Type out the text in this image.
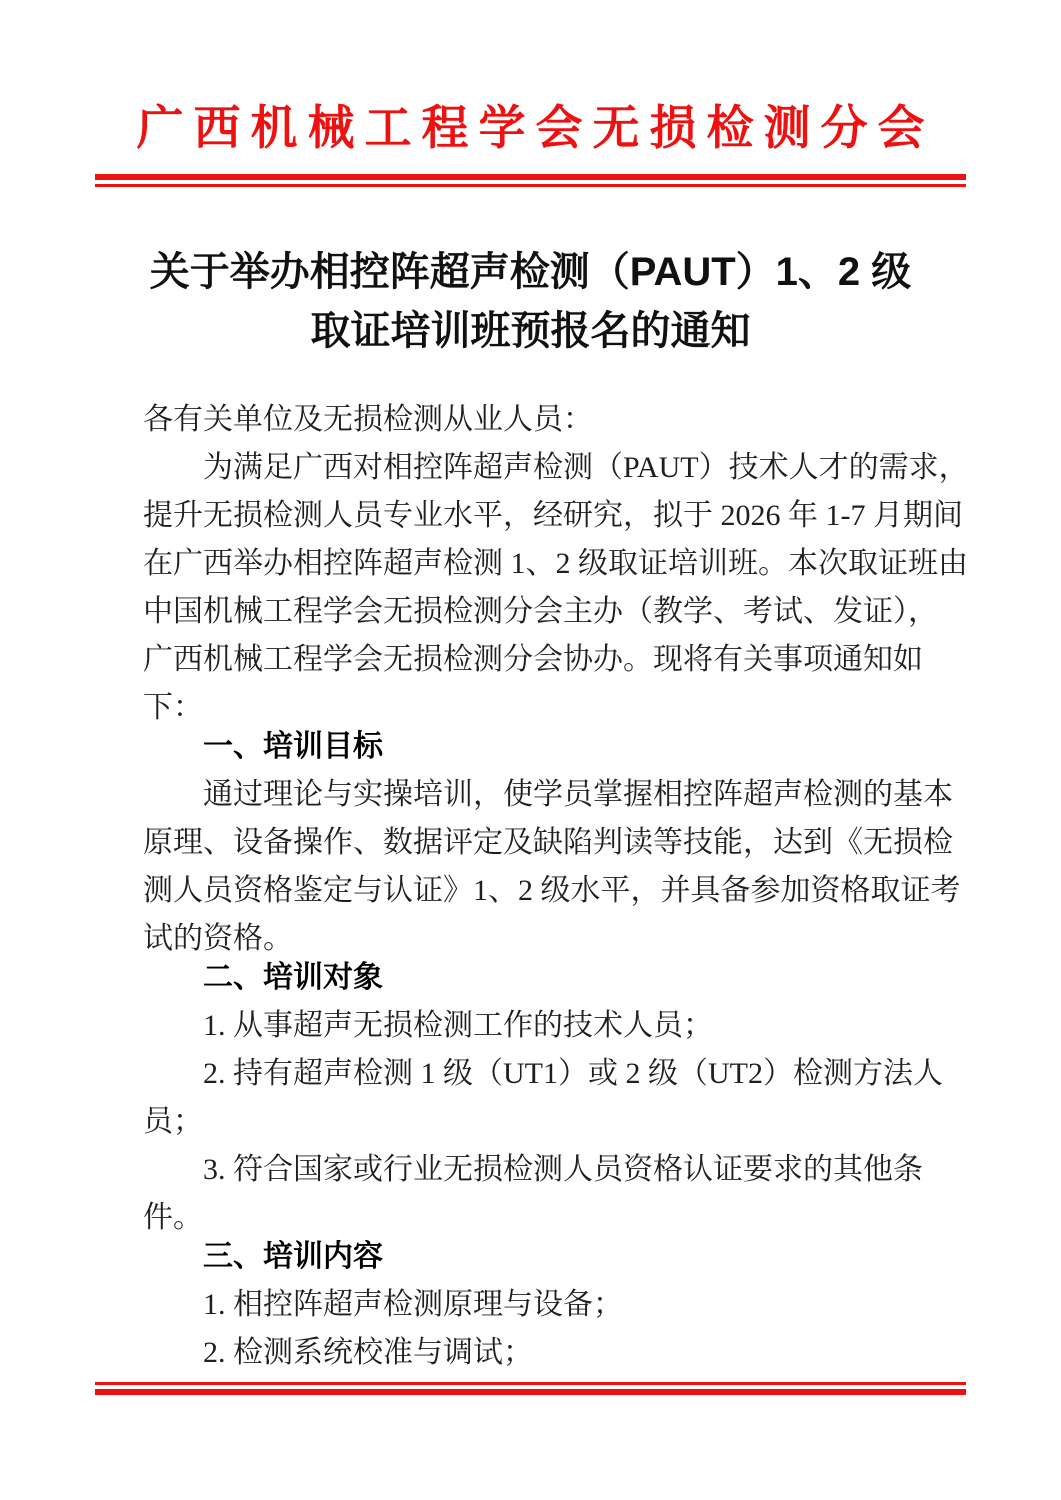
广西机械工程学会无损检测分会
关于举办相控阵超声检测（PAUT）1、2 级
取证培训班预报名的通知
各有关单位及无损检测从业人员：
为满足广西对相控阵超声检测（PAUT）技术人才的需求，
提升无损检测人员专业水平，经研究，拟于 2026 年 1-7 月期间
在广西举办相控阵超声检测 1、2 级取证培训班。本次取证班由
中国机械工程学会无损检测分会主办（教学、考试、发证），
广西机械工程学会无损检测分会协办。现将有关事项通知如
下：
一、培训目标
通过理论与实操培训，使学员掌握相控阵超声检测的基本
原理、设备操作、数据评定及缺陷判读等技能，达到《无损检
测人员资格鉴定与认证》1、2 级水平，并具备参加资格取证考
试的资格。
二、培训对象
1. 从事超声无损检测工作的技术人员；
2. 持有超声检测 1 级（UT1）或 2 级（UT2）检测方法人
员；
3. 符合国家或行业无损检测人员资格认证要求的其他条
件。
三、培训内容
1. 相控阵超声检测原理与设备；
2. 检测系统校准与调试；
